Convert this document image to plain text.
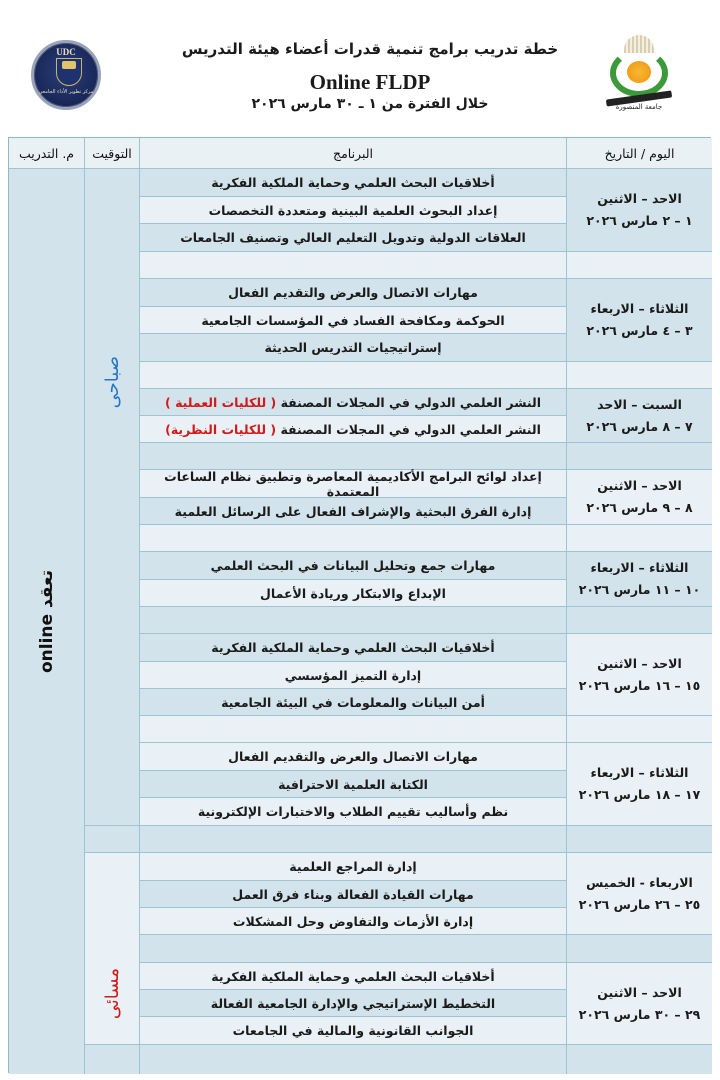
UDC
مركز تطوير الأداء الجامعي
خطة تدريب برامج تنمية قدرات أعضاء هيئة التدريس
Online FLDP
خلال الفترة من ١ ـ ٣٠ مارس ٢٠٢٦	جامعة المنصورة
اليوم / التاريخ
البرنامج
التوقيت
م. التدريب
تعقد online
صباحى
مسائى
أخلاقيات البحث العلمي وحماية الملكية الفكرية
إعداد البحوث العلمية البينية ومتعددة التخصصات
العلاقات الدولية وتدويل التعليم العالي وتصنيف الجامعات
الاحد – الاثنين
١ – ٢ مارس ٢٠٢٦
مهارات الاتصال والعرض والتقديم الفعال
الحوكمة ومكافحة الفساد في المؤسسات الجامعية
إستراتيجيات التدريس الحديثة
الثلاثاء – الاربعاء
٣ – ٤ مارس ٢٠٢٦
النشر العلمي الدولي في المجلات المصنفة

( للكليات العملية )
النشر العلمي الدولي في المجلات المصنفة

( للكليات النظرية)
السبت – الاحد
٧ – ٨ مارس ٢٠٢٦
إعداد لوائح البرامج الأكاديمية المعاصرة وتطبيق نظام الساعات المعتمدة
إدارة الفرق البحثية والإشراف الفعال على الرسائل العلمية
الاحد – الاثنين
٨ – ٩ مارس ٢٠٢٦
مهارات جمع وتحليل البيانات في البحث العلمي
الإبداع والابتكار وريادة الأعمال
الثلاثاء – الاربعاء
١٠ – ١١ مارس ٢٠٢٦
أخلاقيات البحث العلمي وحماية الملكية الفكرية
إدارة التميز المؤسسي
أمن البيانات والمعلومات في البيئة الجامعية
الاحد – الاثنين
١٥ – ١٦ مارس ٢٠٢٦
مهارات الاتصال والعرض والتقديم الفعال
الكتابة العلمية الاحترافية
نظم وأساليب تقييم الطلاب والاختبارات الإلكترونية
الثلاثاء – الاربعاء
١٧ – ١٨ مارس ٢٠٢٦
إدارة المراجع العلمية
مهارات القيادة الفعالة وبناء فرق العمل
إدارة الأزمات والتفاوض وحل المشكلات
الاربعاء - الخميس
٢٥ – ٢٦ مارس ٢٠٢٦
أخلاقيات البحث العلمي وحماية الملكية الفكرية
التخطيط الإستراتيجي والإدارة الجامعية الفعالة
الجوانب القانونية والمالية في الجامعات
الاحد – الاثنين
٢٩ – ٣٠ مارس ٢٠٢٦
